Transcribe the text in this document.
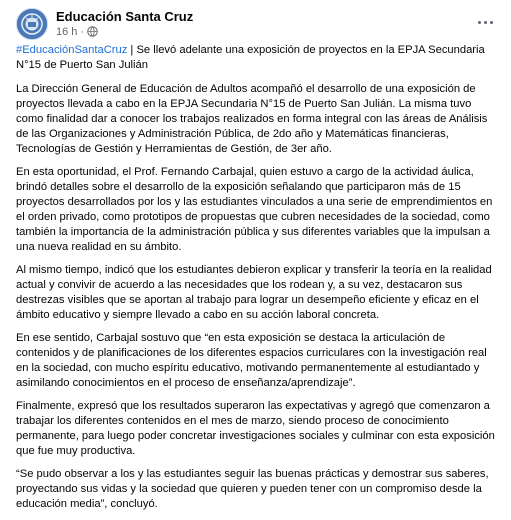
Educación Santa Cruz
16 h ·

#EducaciónSantaCruz | Se llevó adelante una exposición de proyectos en la EPJA Secundaria N°15 de Puerto San Julián

La Dirección General de Educación de Adultos acompañó el desarrollo de una exposición de proyectos llevada a cabo en la EPJA Secundaria N°15 de Puerto San Julián. La misma tuvo como finalidad dar a conocer los trabajos realizados en forma integral con las áreas de Análisis de las Organizaciones y Administración Pública, de 2do año y Matemáticas financieras, Tecnologías de Gestión y Herramientas de Gestión, de 3er año.

En esta oportunidad, el Prof. Fernando Carbajal, quien estuvo a cargo de la actividad áulica, brindó detalles sobre el desarrollo de la exposición señalando que participaron más de 15 proyectos desarrollados por los y las estudiantes vinculados a una serie de emprendimientos en el orden privado, como prototipos de propuestas que cubren necesidades de la sociedad, como también la importancia de la administración pública y sus diferentes variables que la impulsan a una nueva realidad en su ámbito.

Al mismo tiempo, indicó que los estudiantes debieron explicar y transferir la teoría en la realidad actual y convivir de acuerdo a las necesidades que los rodean y, a su vez, destacaron sus destrezas visibles que se aportan al trabajo para lograr un desempeño eficiente y eficaz en el ámbito educativo y siempre llevado a cabo en su acción laboral concreta.

En ese sentido, Carbajal sostuvo que “en esta exposición se destaca la articulación de contenidos y de planificaciones de los diferentes espacios curriculares con la investigación real en la sociedad, con mucho espíritu educativo, motivando permanentemente al estudiantado y asimilando conocimientos en el proceso de enseñanza/aprendizaje”.

Finalmente, expresó que los resultados superaron las expectativas y agregó que comenzaron a trabajar los diferentes contenidos en el mes de marzo, siendo proceso de conocimiento permanente, para luego poder concretar investigaciones sociales y culminar con esta exposición que fue muy productiva.

“Se pudo observar a los y las estudiantes seguir las buenas prácticas y demostrar sus saberes, proyectando sus vidas y la sociedad que quieren y pueden tener con un compromiso desde la educación media”, concluyó.
